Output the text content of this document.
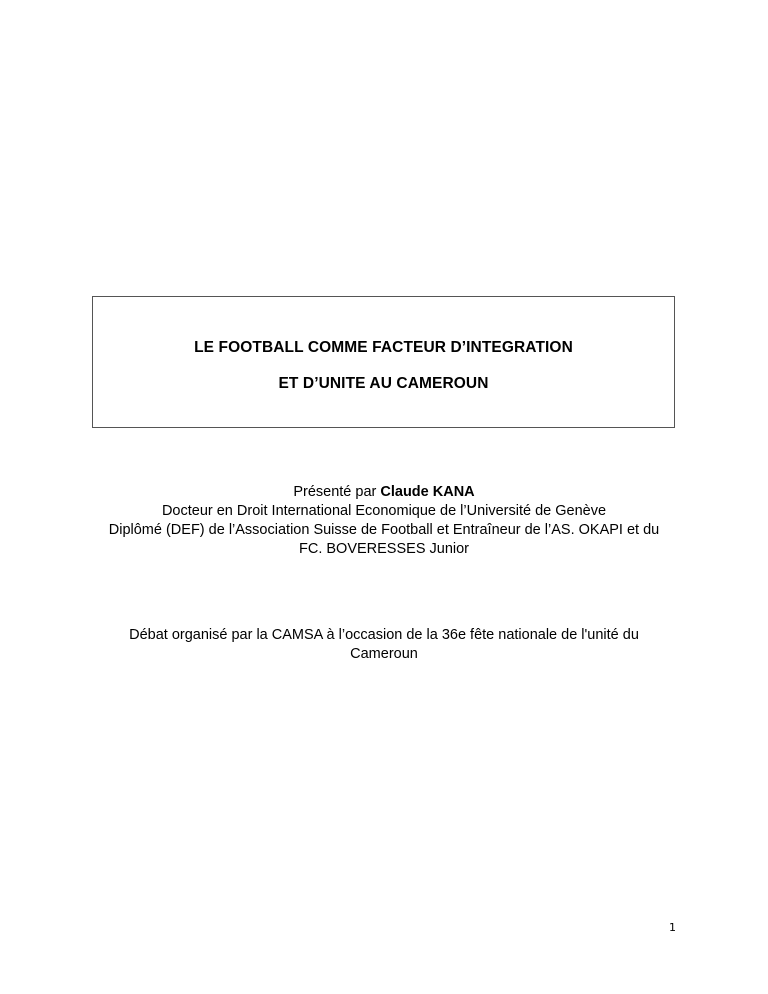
LE FOOTBALL COMME FACTEUR D’INTEGRATION
ET D’UNITE AU CAMEROUN

Présenté par Claude KANA

Docteur en Droit International Economique de l’Université de Genève

Diplômé (DEF) de l’Association Suisse de Football et Entraîneur de l’AS. OKAPI et du

FC. BOVERESSES Junior

Débat organisé par la CAMSA à l’occasion de la 36e fête nationale de l'unité du

Cameroun

1
